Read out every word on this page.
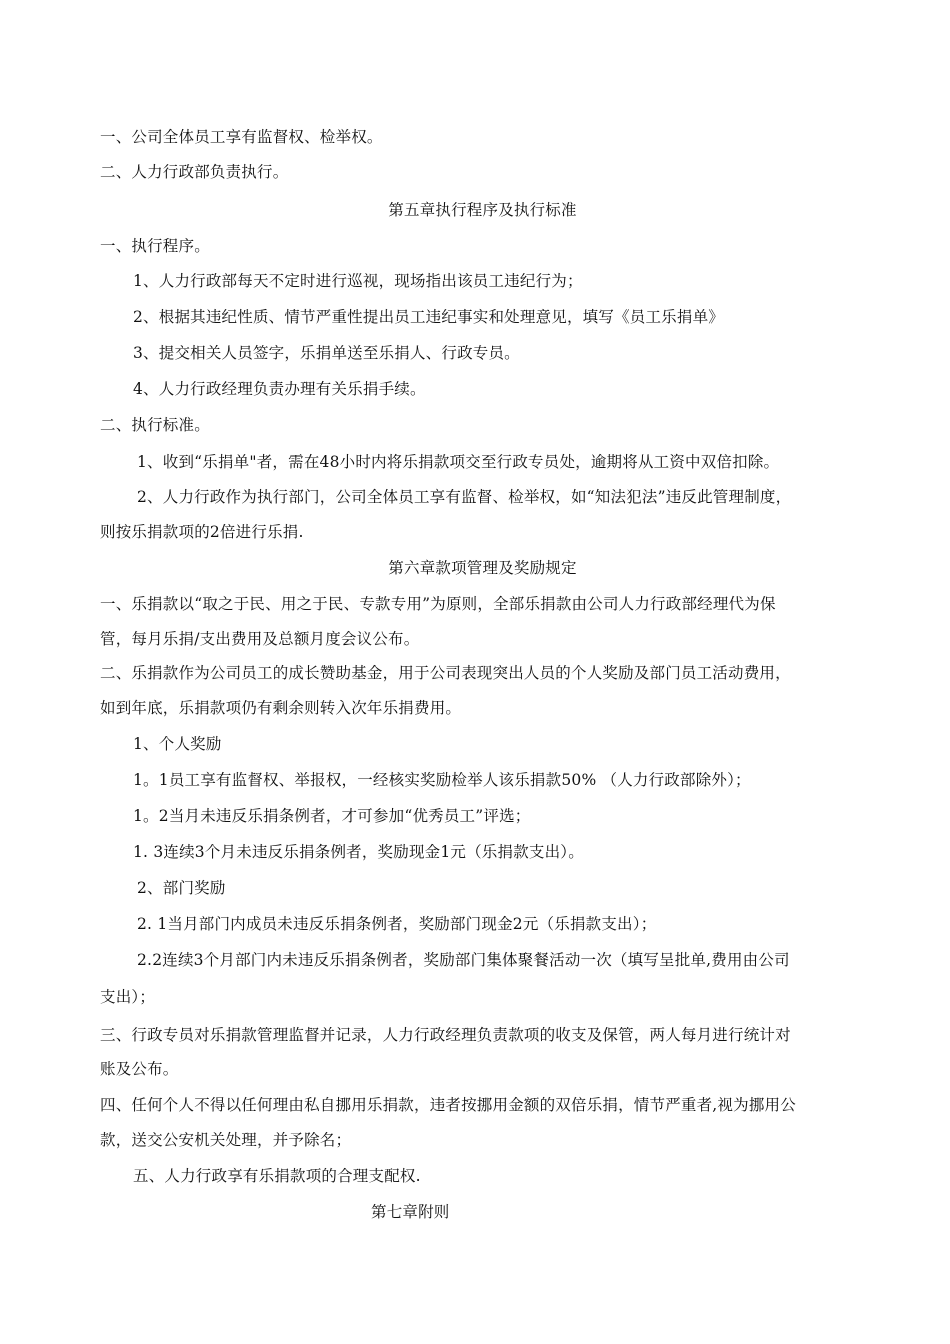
一、公司全体员工享有监督权、检举权。
二、人力行政部负责执行。
第五章执行程序及执行标准
一、执行程序。
1、人力行政部每天不定时进行巡视，现场指出该员工违纪行为；
2、根据其违纪性质、情节严重性提出员工违纪事实和处理意见，填写《员工乐捐单》
3、提交相关人员签字，乐捐单送至乐捐人、行政专员。
4、人力行政经理负责办理有关乐捐手续。
二、执行标准。
1、收到“乐捐单"者，需在48小时内将乐捐款项交至行政专员处，逾期将从工资中双倍扣除。
2、人力行政作为执行部门，公司全体员工享有监督、检举权，如“知法犯法”违反此管理制度，
则按乐捐款项的2倍进行乐捐.
第六章款项管理及奖励规定
一、乐捐款以“取之于民、用之于民、专款专用”为原则，全部乐捐款由公司人力行政部经理代为保
管，每月乐捐/支出费用及总额月度会议公布。
二、乐捐款作为公司员工的成长赞助基金，用于公司表现突出人员的个人奖励及部门员工活动费用，
如到年底，乐捐款项仍有剩余则转入次年乐捐费用。
1、个人奖励
1。1员工享有监督权、举报权，一经核实奖励检举人该乐捐款50% （人力行政部除外）；
1。2当月未违反乐捐条例者，才可参加“优秀员工”评选；
1. 3连续3个月未违反乐捐条例者，奖励现金1元（乐捐款支出）。
2、部门奖励
2. 1当月部门内成员未违反乐捐条例者，奖励部门现金2元（乐捐款支出）；
2.2连续3个月部门内未违反乐捐条例者，奖励部门集体聚餐活动一次（填写呈批单,费用由公司
支出）；
三、行政专员对乐捐款管理监督并记录，人力行政经理负责款项的收支及保管，两人每月进行统计对
账及公布。
四、任何个人不得以任何理由私自挪用乐捐款，违者按挪用金额的双倍乐捐，情节严重者,视为挪用公
款，送交公安机关处理，并予除名；
五、人力行政享有乐捐款项的合理支配权.
第七章附则
